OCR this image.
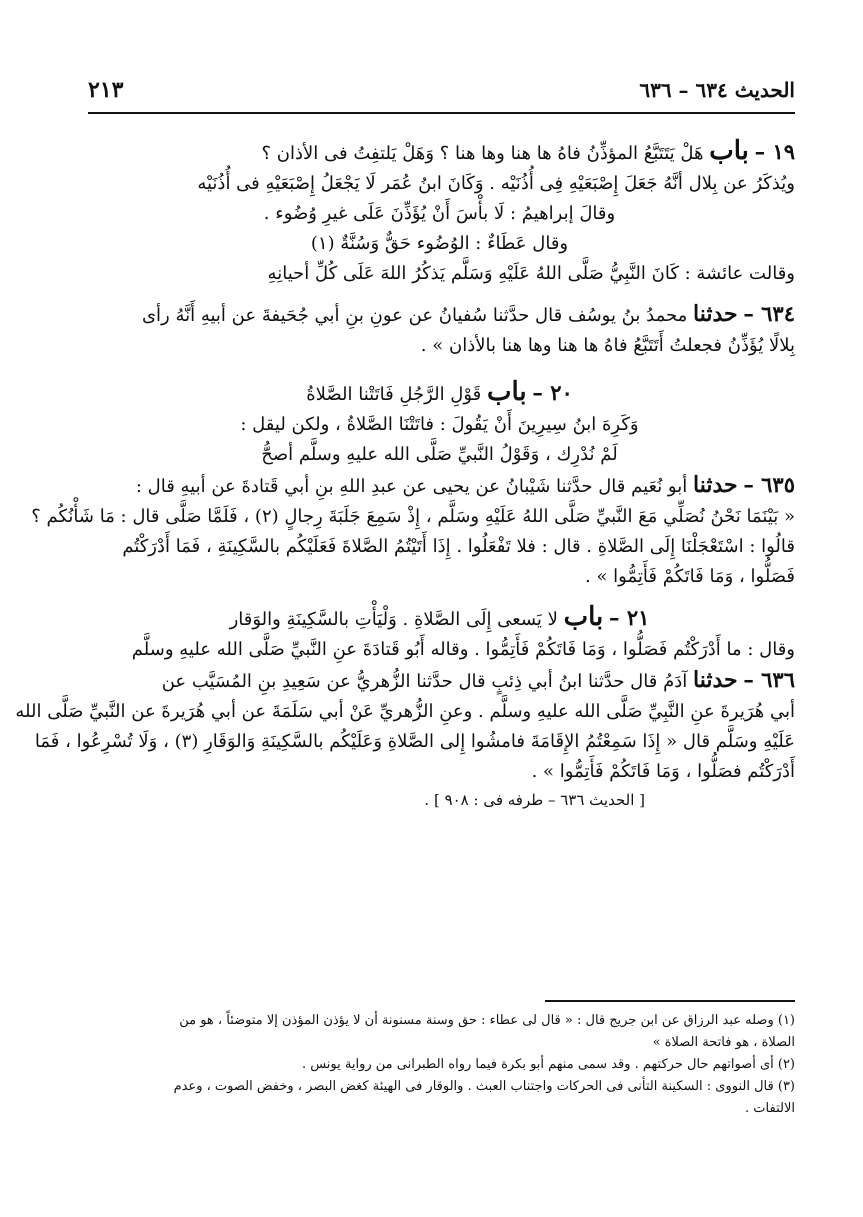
الحديث ٦٣٤ – ٦٣٦
٢١٣
١٩ – باب هَلْ يَتَتَبَّعُ المؤذِّنُ فاهُ ها هنا وها هنا ؟ وَهَلْ يَلتفِتُ فى الأذان ؟
ويُذكَرُ عن بِلال أنَّهُ جَعَلَ إِصْبَعَيْهِ فِى أُذُنَيْه . وَكَانَ ابنُ عُمَر لَا يَجْعَلُ إِصْبَعَيْهِ فى أُذُنَيْه
وقالَ إبراهيمُ : لَا بأْسَ أَنْ يُؤَذِّنَ عَلَى غيرِ وُضُوء .
وقال عَطَاءٌ : الوُضُوء حَقٌّ وَسُنَّةٌ (١)
وقالت عائشة : كَانَ النَّبِيُّ صَلَّى اللهُ عَلَيْهِ وَسَلَّم يَذكُرُ اللهَ عَلَى كُلِّ أحيانِهِ
٦٣٤ – حدثنا محمدُ بنُ يوسُف قال حدَّثنا سُفيانُ عن عونِ بنِ أبي جُحَيفةَ عن أبيهِ أَنَّهُ رأى
بِلالًا يُؤَذِّنُ فجعلتُ أَتَتَبَّعُ فاهُ ها هنا وها هنا بالأذان » .
٢٠ – باب قَوْلِ الرَّجُلِ فَاتَتْنا الصَّلاةُ
وَكَرِهَ ابنُ سِيرِينَ أَنْ يَقُولَ : فاتَتْنَا الصَّلاةُ ، ولكن ليقل :
لَمْ نُدْرِك ، وَقَوْلُ النَّبيِّ صَلَّى الله عليهِ وسلَّم أصحُّ
٦٣٥ – حدثنا أبو نُعَيم قال حدَّثنا شَيْبانُ عن يحيى عن عبدِ اللهِ بنِ أبي قَتادةَ عن أبيهِ قال :
« بَيْنَمَا نَحْنُ نُصَلِّي مَعَ النَّبيِّ صَلَّى اللهُ عَلَيْهِ وسَلَّم ، إِذْ سَمِعَ جَلَبَةَ رِجالٍ (٢) ، فَلَمَّا صَلَّى قال : مَا شَأْنُكُم ؟
قالُوا : اسْتَعْجَلْنَا إِلَى الصَّلاةِ . قال : فلا تَفْعَلُوا . إِذَا أَتَيْتُمُ الصَّلاةَ فَعَلَيْكُم بالسَّكِينَةِ ، فَمَا أَدْرَكْتُم
فَصَلُّوا ، وَمَا فَاتَكُمْ فَأَتِمُّوا » .
٢١ – باب لا يَسعى إِلَى الصَّلاةِ . وَلْيَأْتِ بالسَّكِينَةِ والوَقار
وقال : ما أَدْرَكْتُم فَصَلُّوا ، وَمَا فَاتَكُمْ فَأَتِمُّوا . وقاله أَبُو قَتادَةَ عنِ النَّبيِّ صَلَّى الله عليهِ وسلَّم
٦٣٦ – حدثنا آدَمُ قال حدَّثنا ابنُ أبي ذِئبٍ قال حدَّثنا الزُّهريُّ عن سَعِيدِ بنِ المُسَيَّب عن
أبي هُرَيرةَ عنِ النَّبِيِّ صَلَّى الله عليهِ وسلَّم . وعنِ الزُّهريِّ عَنْ أبي سَلَمَةَ عن أبي هُرَيرةَ عن النَّبيِّ صَلَّى الله
عَلَيْهِ وسَلَّم قال « إِذَا سَمِعْتُمُ الإِقَامَةَ فامشُوا إِلى الصَّلاةِ وَعَلَيْكُم بالسَّكِينَةِ وَالوَقَارِ (٣) ، وَلَا تُسْرِعُوا ، فَمَا
أَدْرَكْتُم فصَلُّوا ، وَمَا فَاتَكُمْ فَأَتِمُّوا » .
[ الحديث ٦٣٦ – طرفه فى : ٩٠٨ ] .
(١) وصله عبد الرزاق عن ابن جريج قال : « قال لى عطاء : حق وسنة مسنونة أن لا يؤذن المؤذن إلا متوضئاً ، هو من
الصلاة ، هو فاتحة الصلاة »
(٢) أى أصواتهم حال حركتهم . وقد سمى منهم أبو بكرة فيما رواه الطبرانى من رواية يونس .
(٣) قال النووى : السكينة التأنى فى الحركات واجتناب العبث . والوقار فى الهيئة كغض البصر ، وخفض الصوت ، وعدم
الالتفات .
